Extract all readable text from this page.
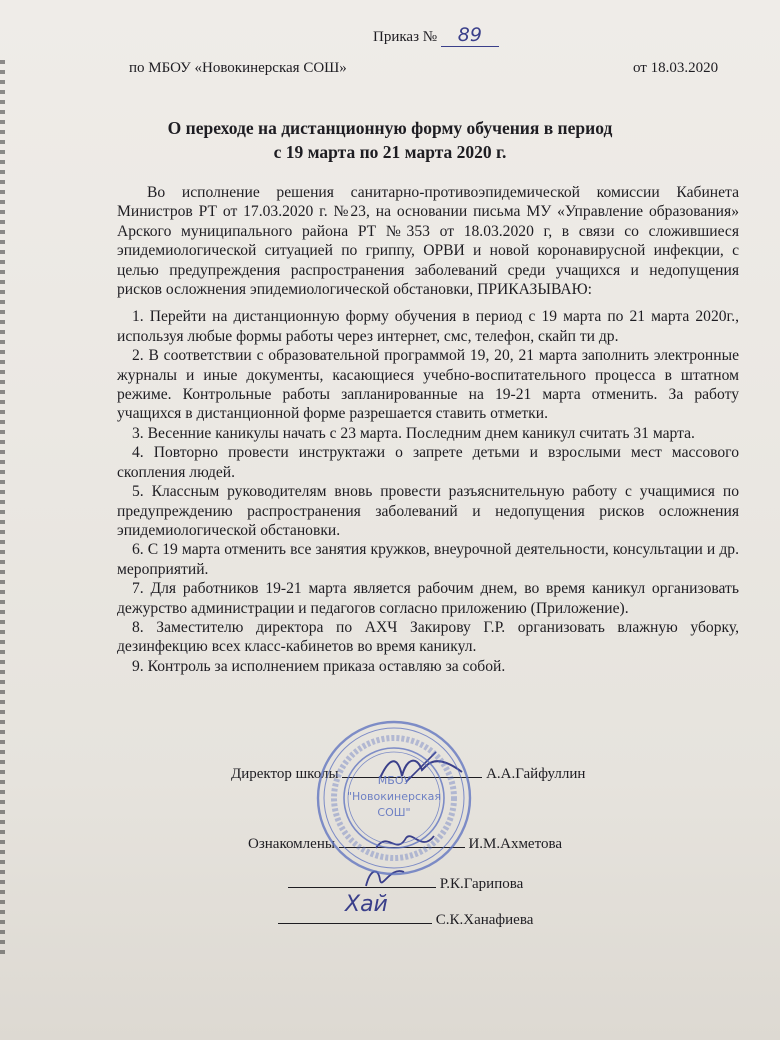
Приказ № 89
по МБОУ «Новокинерская СОШ»	от 18.03.2020
О переходе на дистанционную форму обучения в период
с 19 марта по 21 марта 2020 г.

Во исполнение решения санитарно-противоэпидемической комиссии Кабинета Министров РТ от 17.03.2020 г. №23, на основании письма МУ «Управление образования» Арского муниципального района РТ №353 от 18.03.2020 г, в связи со сложившиеся эпидемиологической ситуацией по гриппу, ОРВИ и новой коронавирусной инфекции, с целью предупреждения распространения заболеваний среди учащихся и недопущения рисков осложнения эпидемиологической обстановки, ПРИКАЗЫВАЮ:

1. Перейти на дистанционную форму обучения в период с 19 марта по 21 марта 2020г., используя любые формы работы через интернет, смс, телефон, скайп ти др.
2. В соответствии с образовательной программой 19, 20, 21 марта заполнить электронные журналы и иные документы, касающиеся учебно-воспитательного процесса в штатном режиме. Контрольные работы запланированные на 19-21 марта отменить. За работу учащихся в дистанционной форме разрешается ставить отметки.
3. Весенние каникулы начать с 23 марта. Последним днем каникул считать 31 марта.
4. Повторно провести инструктажи о запрете детьми и взрослыми мест массового скопления людей.
5. Классным руководителям вновь провести разъяснительную работу с учащимися по предупреждению распространения заболеваний и недопущения рисков осложнения эпидемиологической обстановки.
6. С 19 марта отменить все занятия кружков, внеурочной деятельности, консультации и др. мероприятий.
7. Для работников 19-21 марта является рабочим днем, во время каникул организовать дежурство администрации и педагогов согласно приложению (Приложение).
8. Заместителю директора по АХЧ Закирову Г.Р. организовать влажную уборку, дезинфекцию всех класс-кабинетов во время каникул.
9. Контроль за исполнением приказа оставляю за собой.
Директор школы	А.А.Гайфуллин
Ознакомлены	И.М.Ахметова
Р.К.Гарипова
С.К.Ханафиева
Хай
МБОУ
"Новокинерская
СОШ"
